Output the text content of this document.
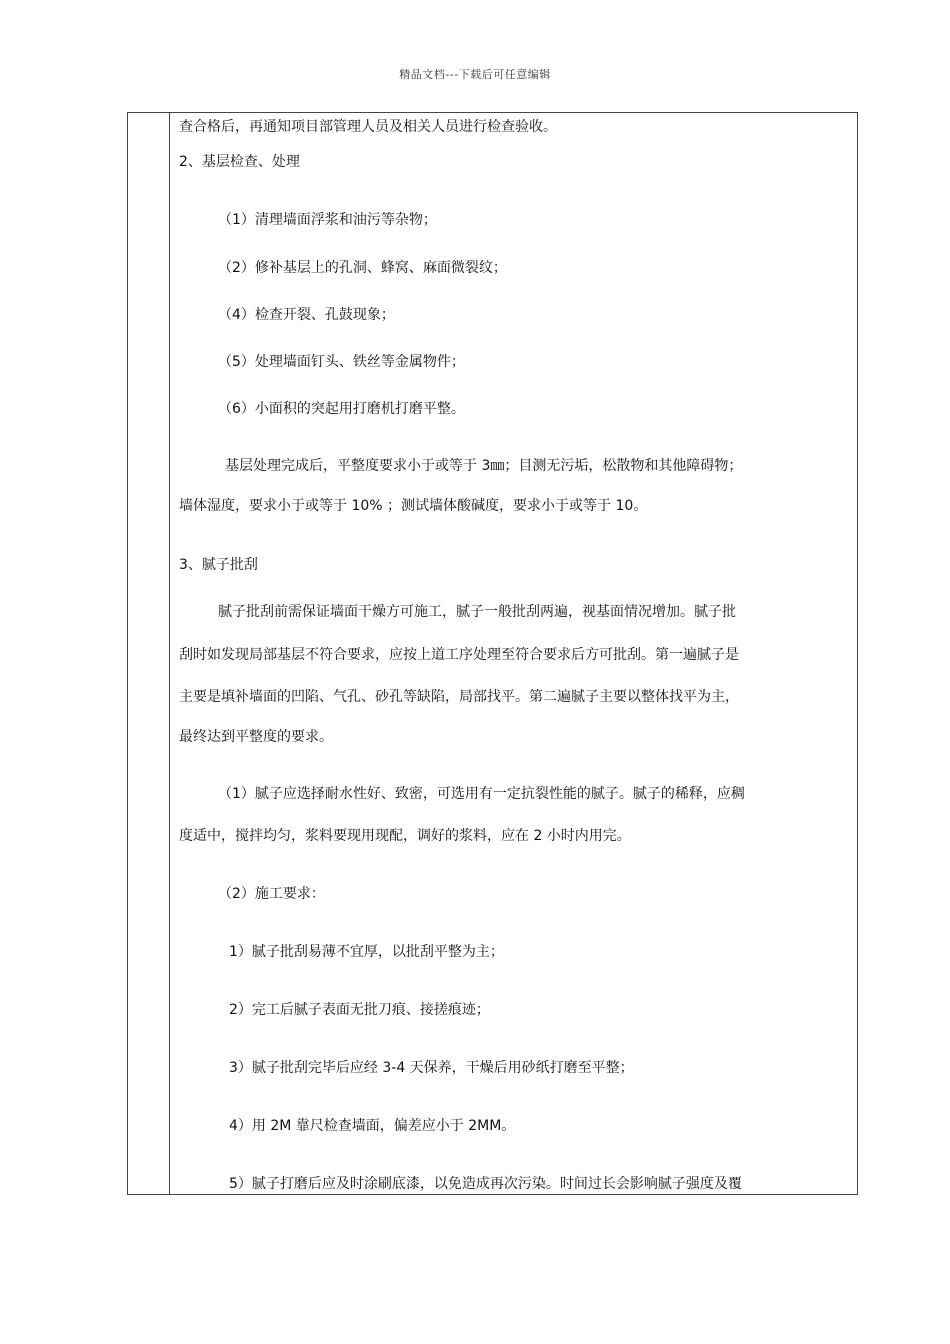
精品文档---下载后可任意编辑
查合格后，再通知项目部管理人员及相关人员进行检查验收。
2、基层检查、处理
（1）清理墙面浮浆和油污等杂物；
（2）修补基层上的孔洞、蜂窝、麻面微裂纹；
（4）检查开裂、孔鼓现象；
（5）处理墙面钉头、铁丝等金属物件；
（6）小面积的突起用打磨机打磨平整。
基层处理完成后，平整度要求小于或等于 3㎜；目测无污垢，松散物和其他障碍物；
墙体湿度，要求小于或等于 10% ；测试墙体酸碱度，要求小于或等于 10。
3、腻子批刮
腻子批刮前需保证墙面干燥方可施工，腻子一般批刮两遍，视基面情况增加。腻子批
刮时如发现局部基层不符合要求，应按上道工序处理至符合要求后方可批刮。第一遍腻子是
主要是填补墙面的凹陷、气孔、砂孔等缺陷，局部找平。第二遍腻子主要以整体找平为主，
最终达到平整度的要求。
（1）腻子应选择耐水性好、致密，可选用有一定抗裂性能的腻子。腻子的稀释，应稠
度适中，搅拌均匀，浆料要现用现配，调好的浆料，应在 2 小时内用完。
（2）施工要求：
1）腻子批刮易薄不宜厚，以批刮平整为主；
2）完工后腻子表面无批刀痕、接搓痕迹；
3）腻子批刮完毕后应经 3-4 天保养，干燥后用砂纸打磨至平整；
4）用 2M 靠尺检查墙面，偏差应小于 2MM。
5）腻子打磨后应及时涂刷底漆，以免造成再次污染。时间过长会影响腻子强度及覆
